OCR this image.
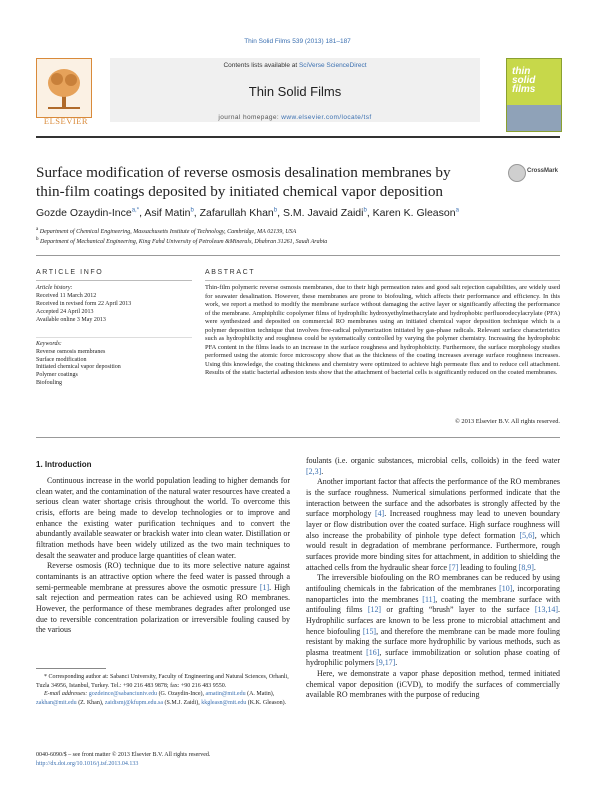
Thin Solid Films 539 (2013) 181–187
ELSEVIER
Contents lists available at SciVerse ScienceDirect
Thin Solid Films
thin solid films
journal homepage: www.elsevier.com/locate/tsf
Surface modification of reverse osmosis desalination membranes by
thin-film coatings deposited by initiated chemical vapor deposition
CrossMark
Gozde Ozaydin-Ince$^{a,*}$, Asif Matin$^b$, Zafarullah Khan$^b$, S.M. Javaid Zaidi$^b$, Karen K. Gleason$^a$
$^a$ Department of Chemical Engineering, Massachusetts Institute of Technology, Cambridge, MA 02139, USA
$^b$ Department of Mechanical Engineering, King Fahd University of Petroleum &Minerals, Dhahran 31261, Saudi Arabia
ARTICLE INFO	ABSTRACT
Article history:
Received 11 March 2012
Received in revised form 22 April 2013
Accepted 24 April 2013
Available online 3 May 2013
Keywords:
Reverse osmosis membranes
Surface modification
Initiated chemical vapor deposition
Polymer coatings
Biofouling
Thin-film polymeric reverse osmosis membranes, due to their high permeation rates and good salt rejection capabilities, are widely used for seawater desalination. However, these membranes are prone to biofouling, which affects their performance and efficiency. In this work, we report a method to modify the membrane surface without damaging the active layer or significantly affecting the performance of the membrane. Amphiphilic copolymer films of hydrophilic hydroxyethylmethacrylate and hydrophobic perfluorodecylacrylate (PFA) were synthesized and deposited on commercial RO membranes using an initiated chemical vapor deposition technique which is a polymer deposition technique that involves free-radical polymerization initiated by gas-phase radicals. Relevant surface characteristics such as hydrophilicity and roughness could be systematically controlled by varying the polymer chemistry. Increasing the hydrophobic PFA content in the films leads to an increase in the surface roughness and hydrophobicity. Furthermore, the surface morphology studies performed using the atomic force microscopy show that as the thickness of the coating increases average surface roughness increases. Using this knowledge, the coating thickness and chemistry were optimized to achieve high permeate flux and to reduce cell attachment. Results of the static bacterial adhesion tests show that the attachment of bacterial cells is significantly reduced on the coated membranes.
© 2013 Elsevier B.V. All rights reserved.
1. Introduction

Continuous increase in the world population leading to higher demands for clean water, and the contamination of the natural water resources have created a serious clean water shortage crisis throughout the world. To overcome this crisis, efforts are being made to develop technologies or to improve and enhance the existing water purification techniques and to convert the abundantly available seawater or brackish water into clean water. Distillation or filtration methods have been widely utilized as the two main techniques to desalt the seawater and produce large quantities of clean water.

Reverse osmosis (RO) technique due to its more selective nature against contaminants is an attractive option where the feed water is passed through a semi-permeable membrane at pressures above the osmotic pressure [1]. High salt rejection and permeation rates can be achieved using RO membranes. However, the performance of these membranes degrades after prolonged use due to reversible concentration polarization or irreversible fouling caused by the various

foulants (i.e. organic substances, microbial cells, colloids) in the feed water [2,3].

Another important factor that affects the performance of the RO membranes is the surface roughness. Numerical simulations performed indicate that the interaction between the surface and the adsorbates is strongly affected by the surface morphology [4]. Increased roughness may lead to uneven boundary layer or flow distribution over the coated surface. High surface roughness will also increase the probability of pinhole type defect formation [5,6], which would result in degradation of membrane performance. Furthermore, rough surfaces provide more binding sites for attachment, in addition to shielding the attached cells from the hydraulic shear force [7] leading to fouling [8,9].

The irreversible biofouling on the RO membranes can be reduced by using antifouling chemicals in the fabrication of the membranes [10], incorporating nanoparticles into the membranes [11], coating the membrane surface with antifouling films [12] or grafting “brush” layer to the surface [13,14]. Hydrophilic surfaces are known to be less prone to microbial attachment and hence biofouling [15], and therefore the membrane can be made more fouling resistant by making the surface more hydrophilic by various methods, such as plasma treatment [16], surface immobilization or solution phase coating of hydrophilic polymers [9,17].

Here, we demonstrate a vapor phase deposition method, termed initiated chemical vapor deposition (iCVD), to modify the surfaces of commercially available RO membranes with the purpose of reducing

* Corresponding author at: Sabanci University, Faculty of Engineering and Natural Sciences, Orhanli, Tuzla 34956, Istanbul, Turkey. Tel.: +90 216 483 9878; fax: +90 216 483 9550.
E-mail addresses: gozdeince@sabanciuniv.edu (G. Ozaydin-Ince), amatin@mit.edu (A. Matin), zakhan@mit.edu (Z. Khan), zaidismj@kfupm.edu.sa (S.M.J. Zaidi), kkgleasn@mit.edu (K.K. Gleason).
0040-6090/$ – see front matter © 2013 Elsevier B.V. All rights reserved.
http://dx.doi.org/10.1016/j.tsf.2013.04.133
